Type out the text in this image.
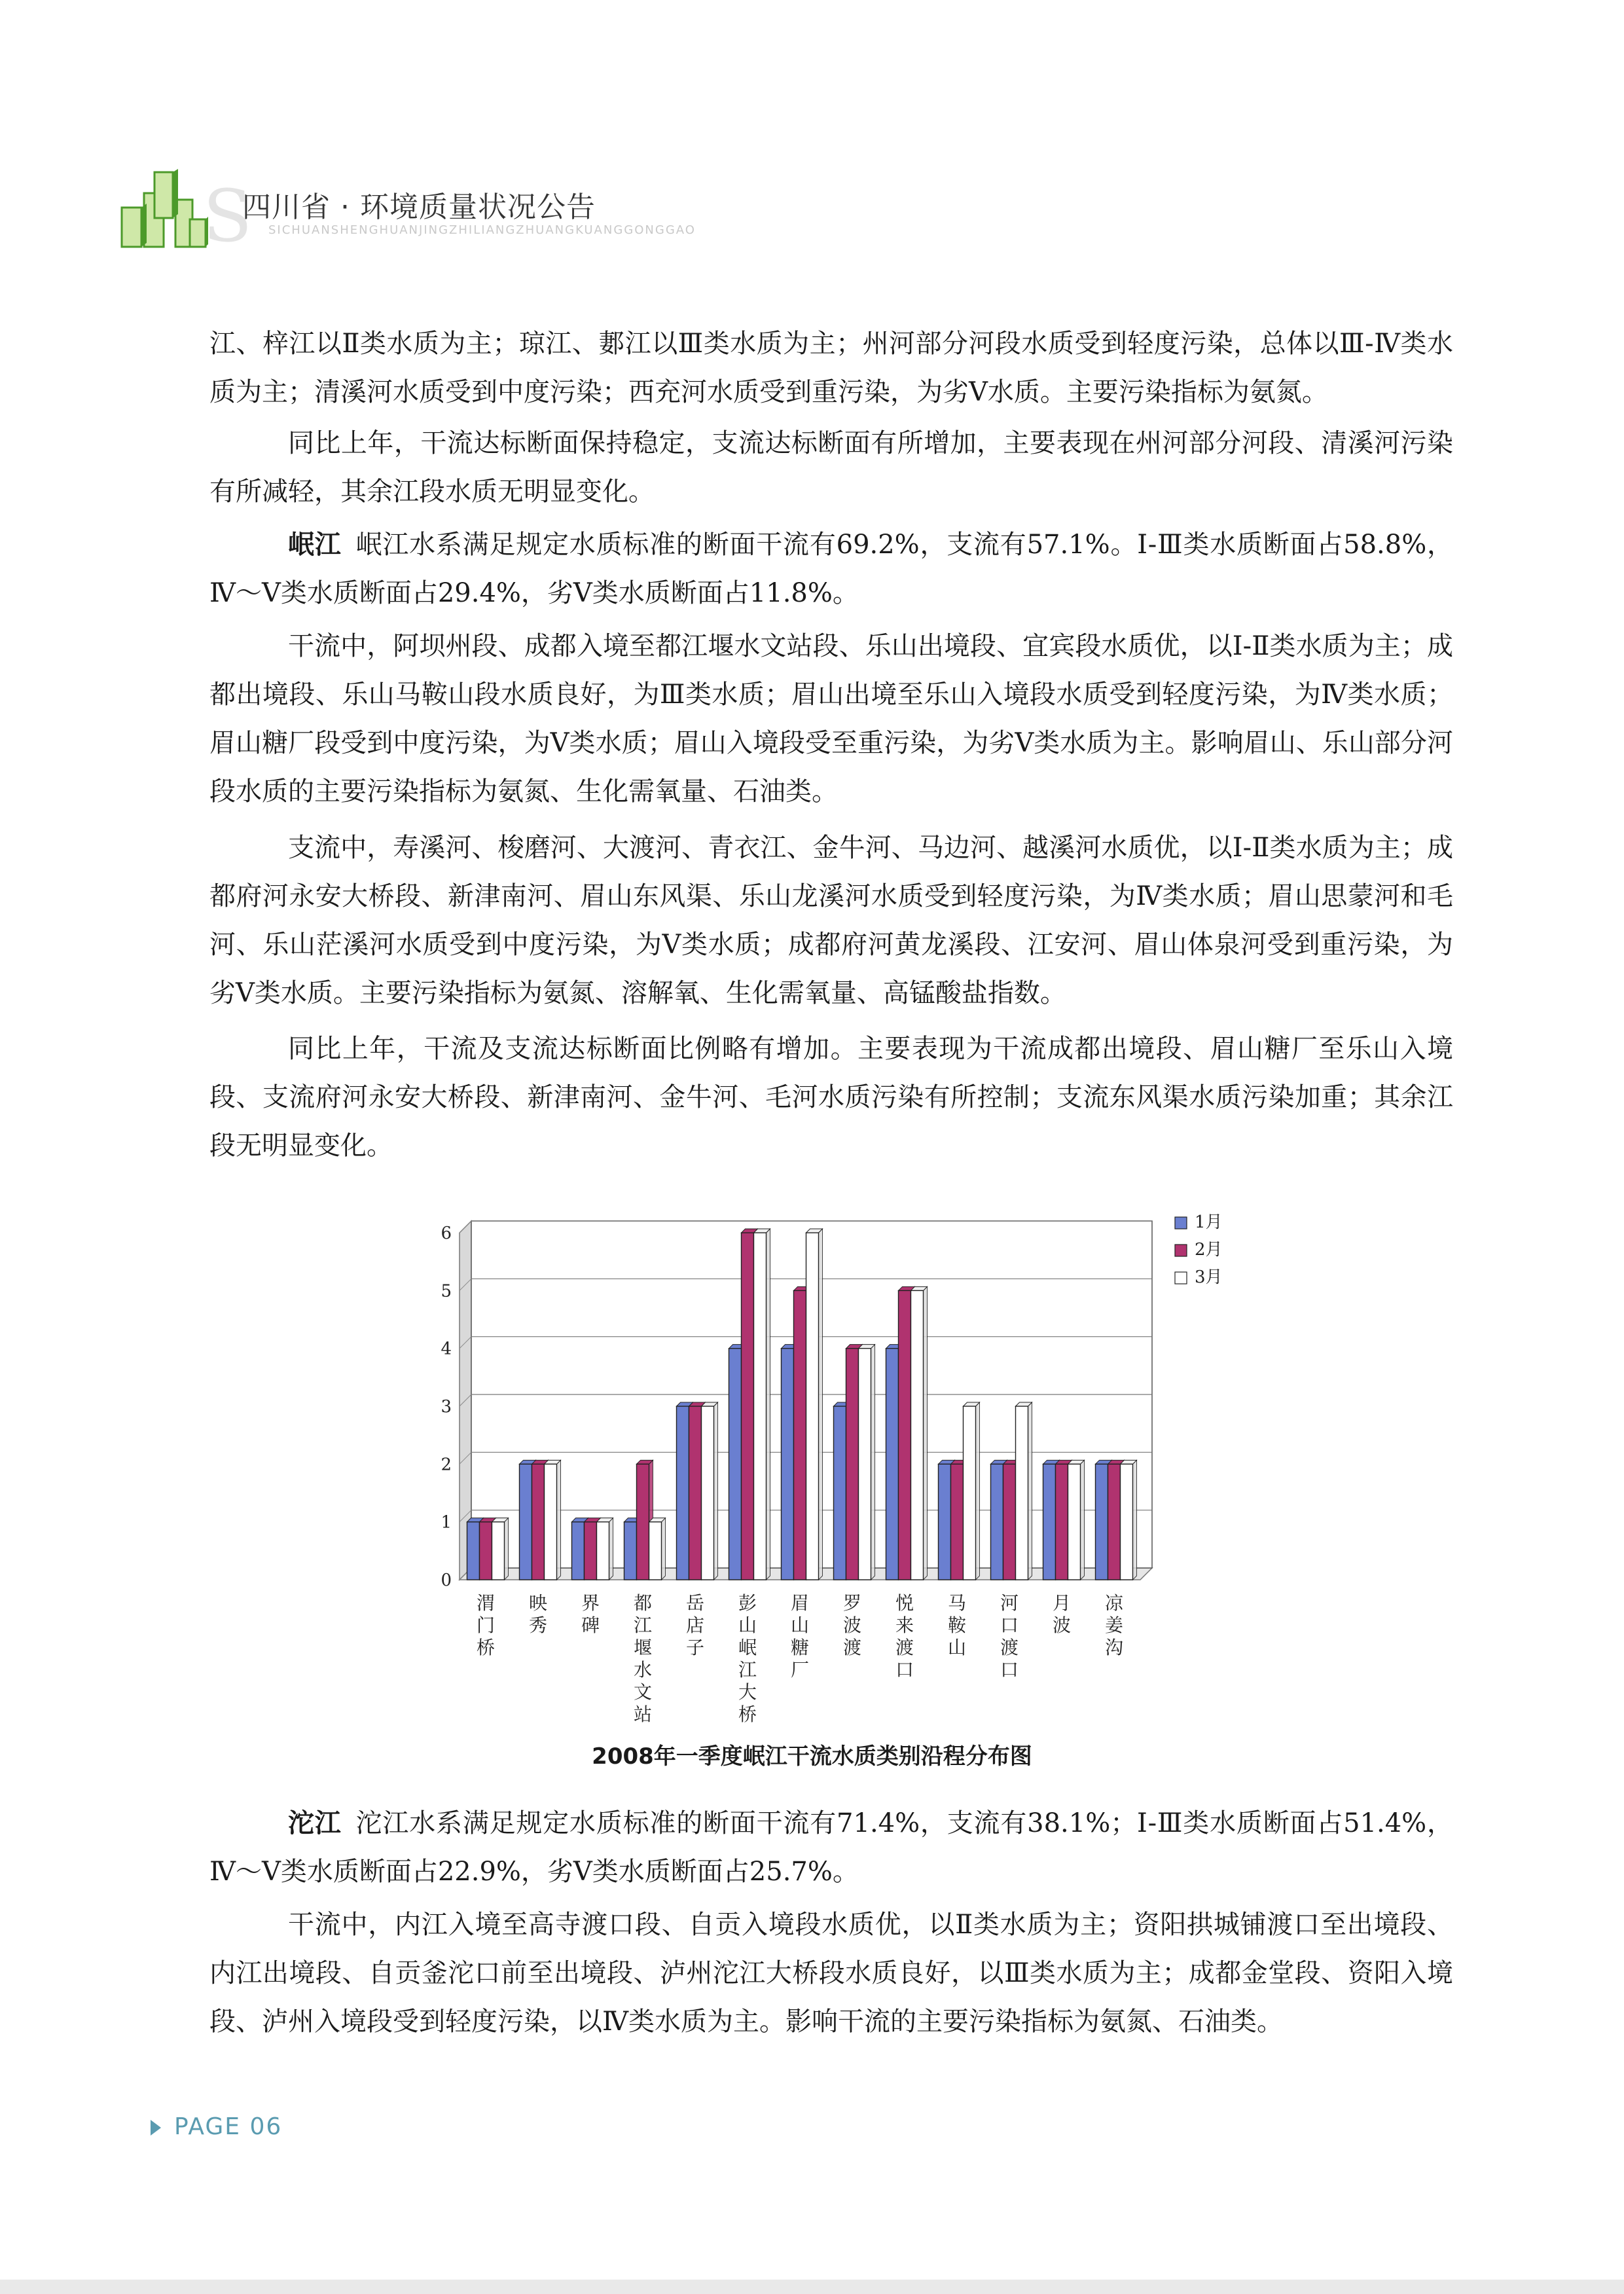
S
四川省 · 环境质量状况公告
SICHUANSHENGHUANJINGZHILIANGZHUANGKUANGGONGGAO
江、梓江以Ⅱ类水质为主；琼江、郪江以Ⅲ类水质为主；州河部分河段水质受到轻度污染，总体以Ⅲ-Ⅳ类水质为主；清溪河水质受到中度污染；西充河水质受到重污染，为劣Ⅴ水质。主要污染指标为氨氮。
同比上年，干流达标断面保持稳定，支流达标断面有所增加，主要表现在州河部分河段、清溪河污染有所减轻，其余江段水质无明显变化。
岷江 岷江水系满足规定水质标准的断面干流有69.2%，支流有57.1%。Ⅰ-Ⅲ类水质断面占58.8%，Ⅳ～Ⅴ类水质断面占29.4%，劣Ⅴ类水质断面占11.8%。
干流中，阿坝州段、成都入境至都江堰水文站段、乐山出境段、宜宾段水质优，以Ⅰ-Ⅱ类水质为主；成都出境段、乐山马鞍山段水质良好，为Ⅲ类水质；眉山出境至乐山入境段水质受到轻度污染，为Ⅳ类水质；眉山糖厂段受到中度污染，为Ⅴ类水质；眉山入境段受至重污染，为劣Ⅴ类水质为主。影响眉山、乐山部分河段水质的主要污染指标为氨氮、生化需氧量、石油类。
支流中，寿溪河、梭磨河、大渡河、青衣江、金牛河、马边河、越溪河水质优，以Ⅰ-Ⅱ类水质为主；成都府河永安大桥段、新津南河、眉山东风渠、乐山龙溪河水质受到轻度污染，为Ⅳ类水质；眉山思蒙河和毛河、乐山茫溪河水质受到中度污染，为Ⅴ类水质；成都府河黄龙溪段、江安河、眉山体泉河受到重污染，为劣Ⅴ类水质。主要污染指标为氨氮、溶解氧、生化需氧量、高锰酸盐指数。
同比上年，干流及支流达标断面比例略有增加。主要表现为干流成都出境段、眉山糖厂至乐山入境段、支流府河永安大桥段、新津南河、金牛河、毛河水质污染有所控制；支流东风渠水质污染加重；其余江段无明显变化。
0
1
2
3
4
5
6
渭门桥
映秀
界碑
都江堰水文站
岳店子
彭山岷江大桥
眉山糖厂
罗波渡
悦来渡口
马鞍山
河口渡口
月波
凉姜沟
1月
2月
3月
2008年一季度岷江干流水质类别沿程分布图
沱江 沱江水系满足规定水质标准的断面干流有71.4%，支流有38.1%；Ⅰ-Ⅲ类水质断面占51.4%，Ⅳ～Ⅴ类水质断面占22.9%，劣Ⅴ类水质断面占25.7%。
干流中，内江入境至高寺渡口段、自贡入境段水质优，以Ⅱ类水质为主；资阳拱城铺渡口至出境段、内江出境段、自贡釜沱口前至出境段、泸州沱江大桥段水质良好，以Ⅲ类水质为主；成都金堂段、资阳入境段、泸州入境段受到轻度污染，以Ⅳ类水质为主。影响干流的主要污染指标为氨氮、石油类。
PAGE 06
